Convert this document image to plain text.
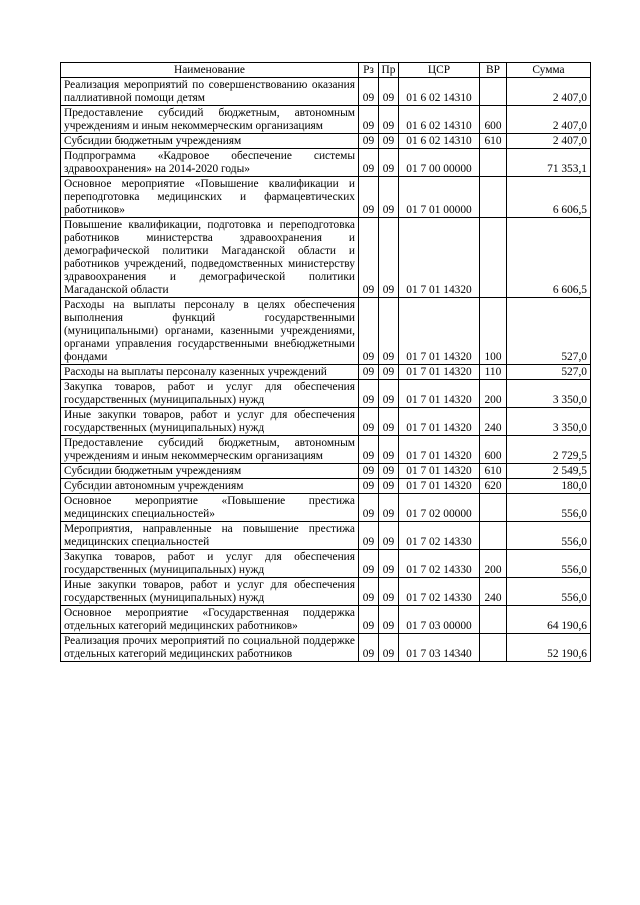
Наименование	Рз	Пр	ЦСР	ВР	Сумма
Реализация мероприятий по совершенствованию оказания паллиативной помощи детям	09	09	01 6 02 14310		2 407,0
Предоставление субсидий бюджетным, автономным учреждениям и иным некоммерческим организациям	09	09	01 6 02 14310	600	2 407,0
Субсидии бюджетным учреждениям	09	09	01 6 02 14310	610	2 407,0
Подпрограмма «Кадровое обеспечение системы здравоохранения» на 2014-2020 годы»	09	09	01 7 00 00000		71 353,1
Основное мероприятие «Повышение квалификации и переподготовка медицинских и фармацевтических работников»	09	09	01 7 01 00000		6 606,5
Повышение квалификации, подготовка и переподготовка работников министерства здравоохранения и демографической политики Магаданской области и работников учреждений, подведомственных министерству здравоохранения и демографической политики Магаданской области	09	09	01 7 01 14320		6 606,5
Расходы на выплаты персоналу в целях обеспечения выполнения функций государственными (муниципальными) органами, казенными учреждениями, органами управления государственными внебюджетными фондами	09	09	01 7 01 14320	100	527,0
Расходы на выплаты персоналу казенных учреждений	09	09	01 7 01 14320	110	527,0
Закупка товаров, работ и услуг для обеспечения государственных (муниципальных) нужд	09	09	01 7 01 14320	200	3 350,0
Иные закупки товаров, работ и услуг для обеспечения государственных (муниципальных) нужд	09	09	01 7 01 14320	240	3 350,0
Предоставление субсидий бюджетным, автономным учреждениям и иным некоммерческим организациям	09	09	01 7 01 14320	600	2 729,5
Субсидии бюджетным учреждениям	09	09	01 7 01 14320	610	2 549,5
Субсидии автономным учреждениям	09	09	01 7 01 14320	620	180,0
Основное мероприятие «Повышение престижа медицинских специальностей»	09	09	01 7 02 00000		556,0
Мероприятия, направленные на повышение престижа медицинских специальностей	09	09	01 7 02 14330		556,0
Закупка товаров, работ и услуг для обеспечения государственных (муниципальных) нужд	09	09	01 7 02 14330	200	556,0
Иные закупки товаров, работ и услуг для обеспечения государственных (муниципальных) нужд	09	09	01 7 02 14330	240	556,0
Основное мероприятие «Государственная поддержка отдельных категорий медицинских работников»	09	09	01 7 03 00000		64 190,6
Реализация прочих мероприятий по социальной поддержке отдельных категорий медицинских работников	09	09	01 7 03 14340		52 190,6
